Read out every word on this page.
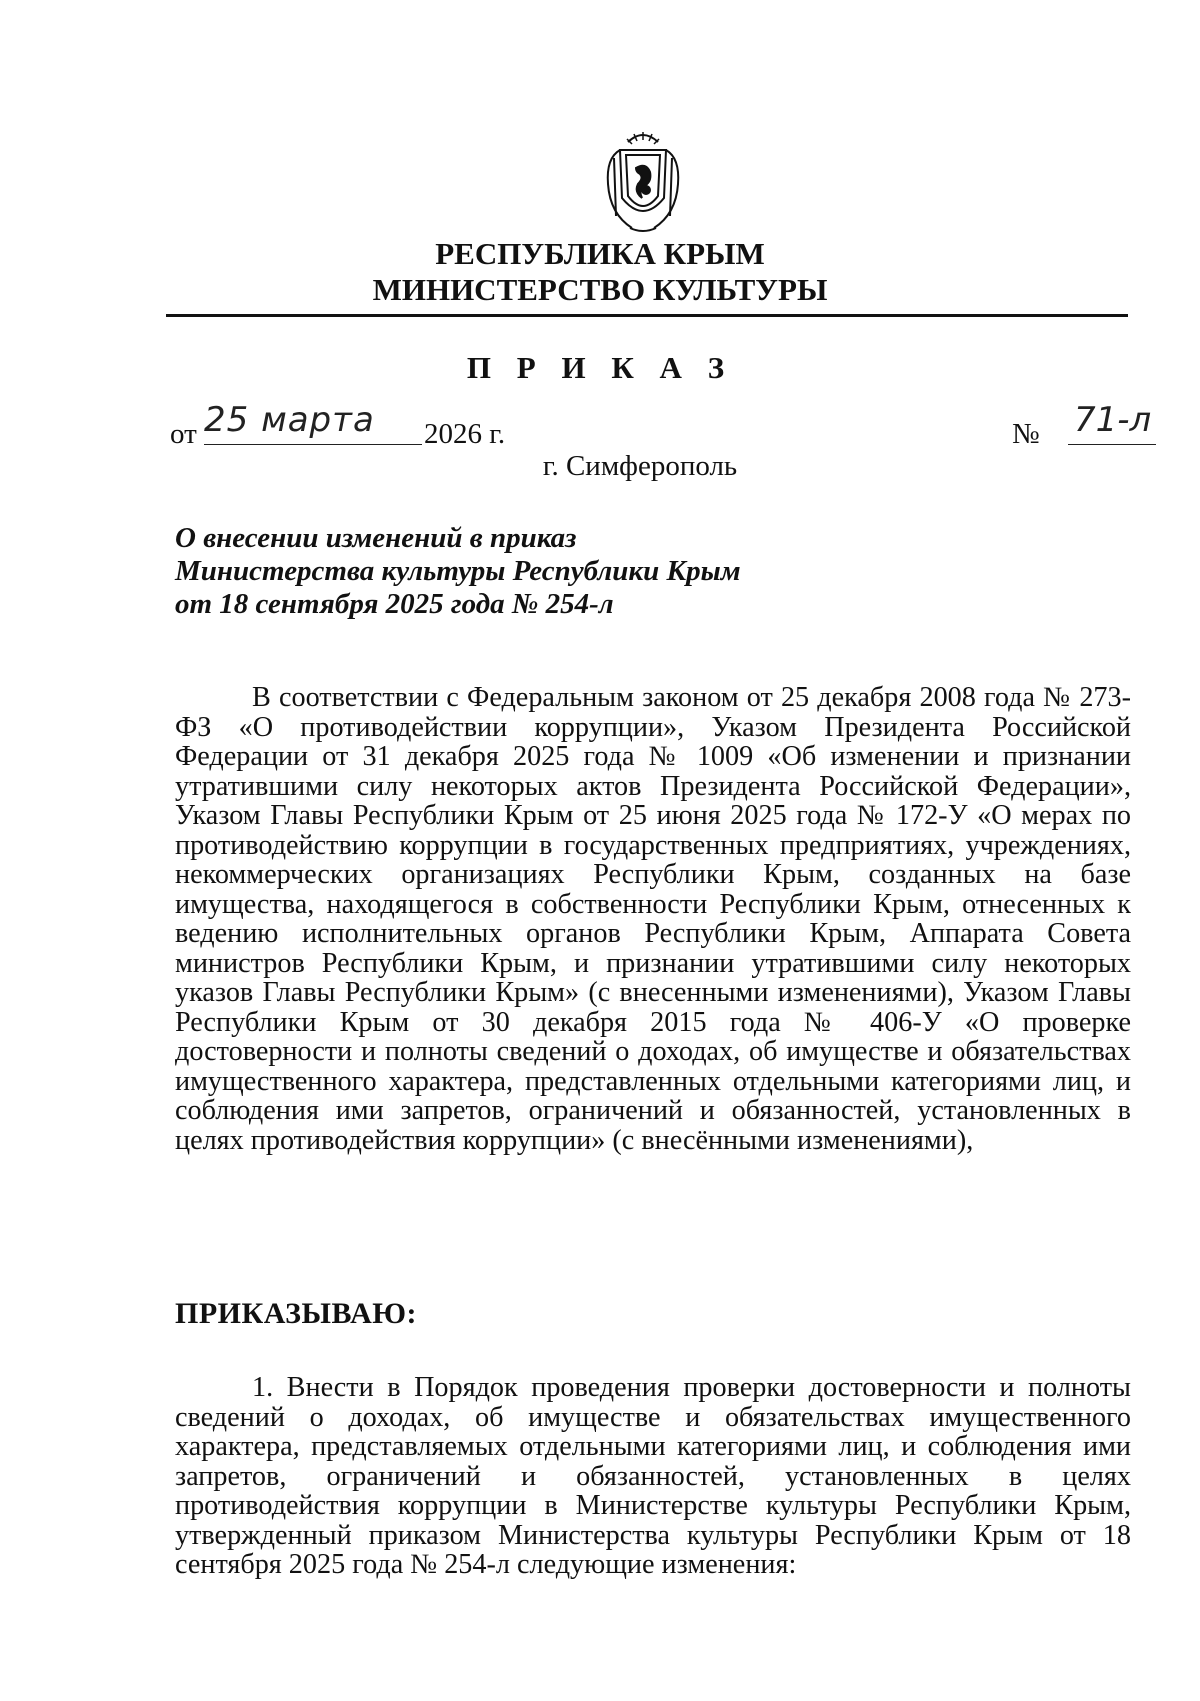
РЕСПУБЛИКА КРЫМ
МИНИСТЕРСТВО КУЛЬТУРЫ
П Р И К А З
от 25 марта 2026 г.	№ 71-л
г. Симферополь
О внесении изменений в приказ
Министерства культуры Республики Крым
от 18 сентября 2025 года № 254-л
В соответствии с Федеральным законом от 25 декабря 2008 года № 273-ФЗ «О противодействии коррупции», Указом Президента Российской Федерации от 31 декабря 2025 года № 1009 «Об изменении и признании утратившими силу некоторых актов Президента Российской Федерации», Указом Главы Республики Крым от 25 июня 2025 года № 172-У «О мерах по противодействию коррупции в государственных предприятиях, учреждениях, некоммерческих организациях Республики Крым, созданных на базе имущества, находящегося в собственности Республики Крым, отнесенных к ведению исполнительных органов Республики Крым, Аппарата Совета министров Республики Крым, и признании утратившими силу некоторых указов Главы Республики Крым» (с внесенными изменениями), Указом Главы Республики Крым от 30 декабря 2015 года № 406-У «О проверке достоверности и полноты сведений о доходах, об имуществе и обязательствах имущественного характера, представленных отдельными категориями лиц, и соблюдения ими запретов, ограничений и обязанностей, установленных в целях противодействия коррупции» (с внесёнными изменениями),
ПРИКАЗЫВАЮ:
1. Внести в Порядок проведения проверки достоверности и полноты сведений о доходах, об имуществе и обязательствах имущественного характера, представляемых отдельными категориями лиц, и соблюдения ими запретов, ограничений и обязанностей, установленных в целях противодействия коррупции в Министерстве культуры Республики Крым, утвержденный приказом Министерства культуры Республики Крым от 18 сентября 2025 года № 254-л следующие изменения:
